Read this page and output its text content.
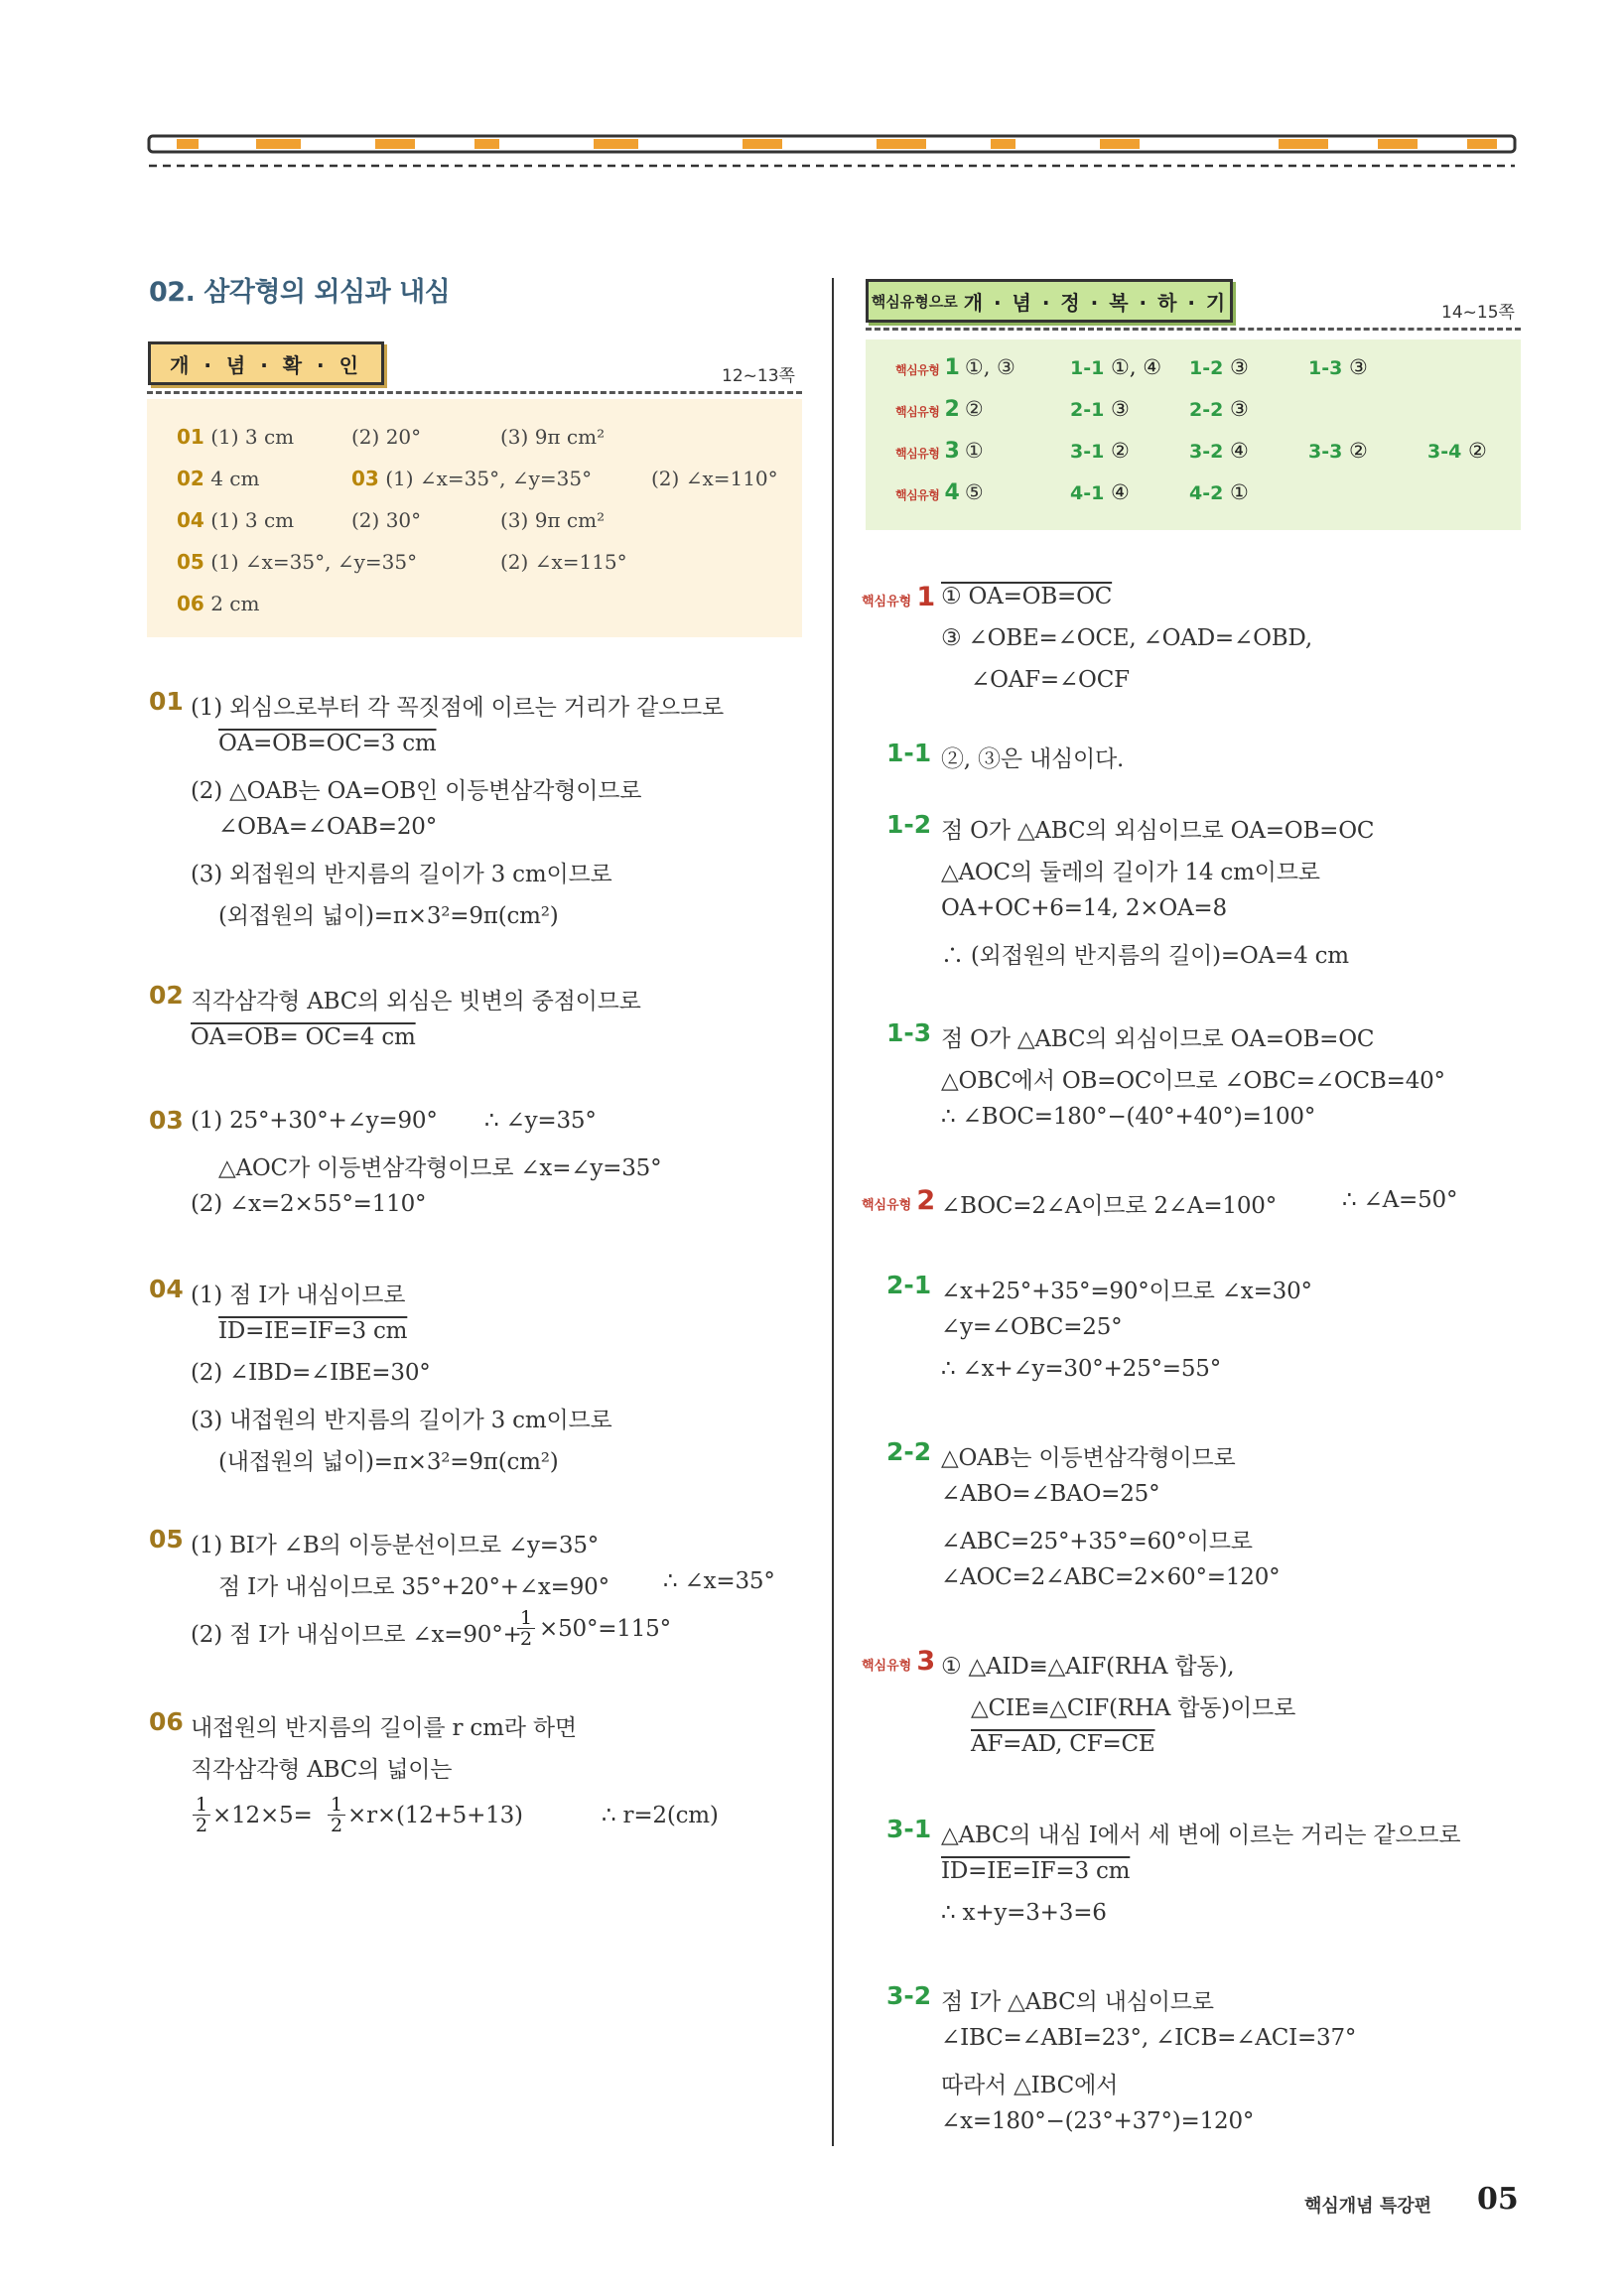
02. 삼각형의 외심과 내심
개 · 념 · 확 · 인	12~13쪽
01 (1) 3 cm	(2) 20°	(3) 9π cm²
02 4 cm	03 (1) ∠x=35°, ∠y=35°	(2) ∠x=110°
04 (1) 3 cm	(2) 30°	(3) 9π cm²
05 (1) ∠x=35°, ∠y=35°	(2) ∠x=115°
06 2 cm
01 (1) 외심으로부터 각 꼭짓점에 이르는 거리가 같으므로
OA=OB=OC=3 cm
(2) △OAB는 OA=OB인 이등변삼각형이므로
∠OBA=∠OAB=20°
(3) 외접원의 반지름의 길이가 3 cm이므로
(외접원의 넓이)=π×3²=9π(cm²)
02 직각삼각형 ABC의 외심은 빗변의 중점이므로
OA=OB= OC=4 cm
03 (1) 25°+30°+∠y=90° ∴ ∠y=35°
△AOC가 이등변삼각형이므로 ∠x=∠y=35°
(2) ∠x=2×55°=110°
04 (1) 점 I가 내심이므로
ID=IE=IF=3 cm
(2) ∠IBD=∠IBE=30°
(3) 내접원의 반지름의 길이가 3 cm이므로
(내접원의 넓이)=π×3²=9π(cm²)
05 (1) BI가 ∠B의 이등분선이므로 ∠y=35°
점 I가 내심이므로 35°+20°+∠x=90° ∴ ∠x=35°
(2) 점 I가 내심이므로 ∠x=90°+
$\frac{1}{2} \times 50^\circ=115^\circ$
06 내접원의 반지름의 길이를 r cm라 하면
직각삼각형 ABC의 넓이는
$\frac{1}{2} \times 12\times 5= \frac{1}{2} \times r\times(12+5+13)$	∴ r=2(cm)
핵심유형으로 개 · 념 · 정 · 복 · 하 · 기	14~15쪽
핵심유형 1 ①, ③	1-1 ①, ④ 1-2 ③	1-3 ③
핵심유형 2 ②	2-1 ③	2-2 ③
핵심유형 3 ①	3-1 ②	3-2 ④	3-3 ②	3-4 ②
핵심유형 4 ⑤	4-1 ④	4-2 ①
핵심유형 1 ① OA=OB=OC
③ ∠OBE=∠OCE, ∠OAD=∠OBD,
∠OAF=∠OCF
1-1 ②, ③은 내심이다.
1-2 점 O가 △ABC의 외심이므로 OA=OB=OC
△AOC의 둘레의 길이가 14 cm이므로
OA+OC+6=14, 2×OA=8
∴ (외접원의 반지름의 길이)=OA=4 cm
1-3 점 O가 △ABC의 외심이므로 OA=OB=OC
△OBC에서 OB=OC이므로 ∠OBC=∠OCB=40°
∴ ∠BOC=180°−(40°+40°)=100°
핵심유형 2 ∠BOC=2∠A이므로 2∠A=100°	∴ ∠A=50°
2-1 ∠x+25°+35°=90°이므로 ∠x=30°
∠y=∠OBC=25°
∴ ∠x+∠y=30°+25°=55°
2-2 △OAB는 이등변삼각형이므로
∠ABO=∠BAO=25°
∠ABC=25°+35°=60°이므로
∠AOC=2∠ABC=2×60°=120°
핵심유형 3 ① △AID≡△AIF(RHA 합동),
△CIE≡△CIF(RHA 합동)이므로
AF=AD, CF=CE
3-1 △ABC의 내심 I에서 세 변에 이르는 거리는 같으므로
ID=IE=IF=3 cm
∴ x+y=3+3=6
3-2 점 I가 △ABC의 내심이므로
∠IBC=∠ABI=23°, ∠ICB=∠ACI=37°
따라서 △IBC에서
∠x=180°−(23°+37°)=120°
핵심개념 특강편 05
